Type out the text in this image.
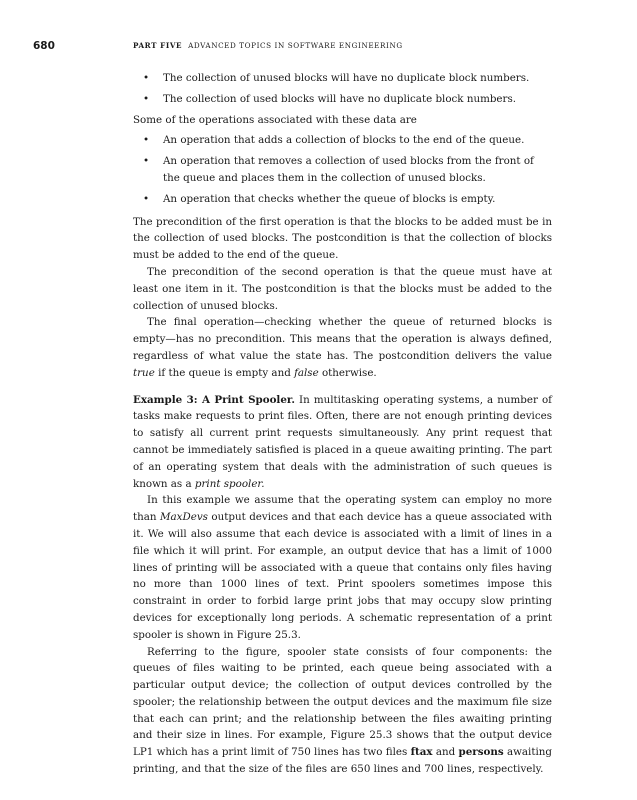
680	PART FIVE ADVANCED TOPICS IN SOFTWARE ENGINEERING
• The collection of unused blocks will have no duplicate block numbers.
• The collection of used blocks will have no duplicate block numbers.

Some of the operations associated with these data are

• An operation that adds a collection of blocks to the end of the queue.
• An operation that removes a collection of used blocks from the front of the queue and places them in the collection of unused blocks.
• An operation that checks whether the queue of blocks is empty.

The precondition of the first operation is that the blocks to be added must be in the collection of used blocks. The postcondition is that the collection of blocks must be added to the end of the queue.

The precondition of the second operation is that the queue must have at least one item in it. The postcondition is that the blocks must be added to the collection of unused blocks.

The final operation—checking whether the queue of returned blocks is empty—has no precondition. This means that the operation is always defined, regardless of what value the state has. The postcondition delivers the value true if the queue is empty and false otherwise.

Example 3: A Print Spooler. In multitasking operating systems, a number of tasks make requests to print files. Often, there are not enough printing devices to satisfy all current print requests simultaneously. Any print request that cannot be immediately satisfied is placed in a queue awaiting printing. The part of an operating system that deals with the administration of such queues is known as a print spooler.

In this example we assume that the operating system can employ no more than MaxDevs output devices and that each device has a queue associated with it. We will also assume that each device is associated with a limit of lines in a file which it will print. For example, an output device that has a limit of 1000 lines of printing will be associated with a queue that contains only files having no more than 1000 lines of text. Print spoolers sometimes impose this constraint in order to forbid large print jobs that may occupy slow printing devices for exceptionally long periods. A schematic representation of a print spooler is shown in Figure 25.3.

Referring to the figure, spooler state consists of four components: the queues of files waiting to be printed, each queue being associated with a particular output device; the collection of output devices controlled by the spooler; the relationship between the output devices and the maximum file size that each can print; and the relationship between the files awaiting printing and their size in lines. For example, Figure 25.3 shows that the output device LP1 which has a print limit of 750 lines has two files ftax and persons awaiting printing, and that the size of the files are 650 lines and 700 lines, respectively.
